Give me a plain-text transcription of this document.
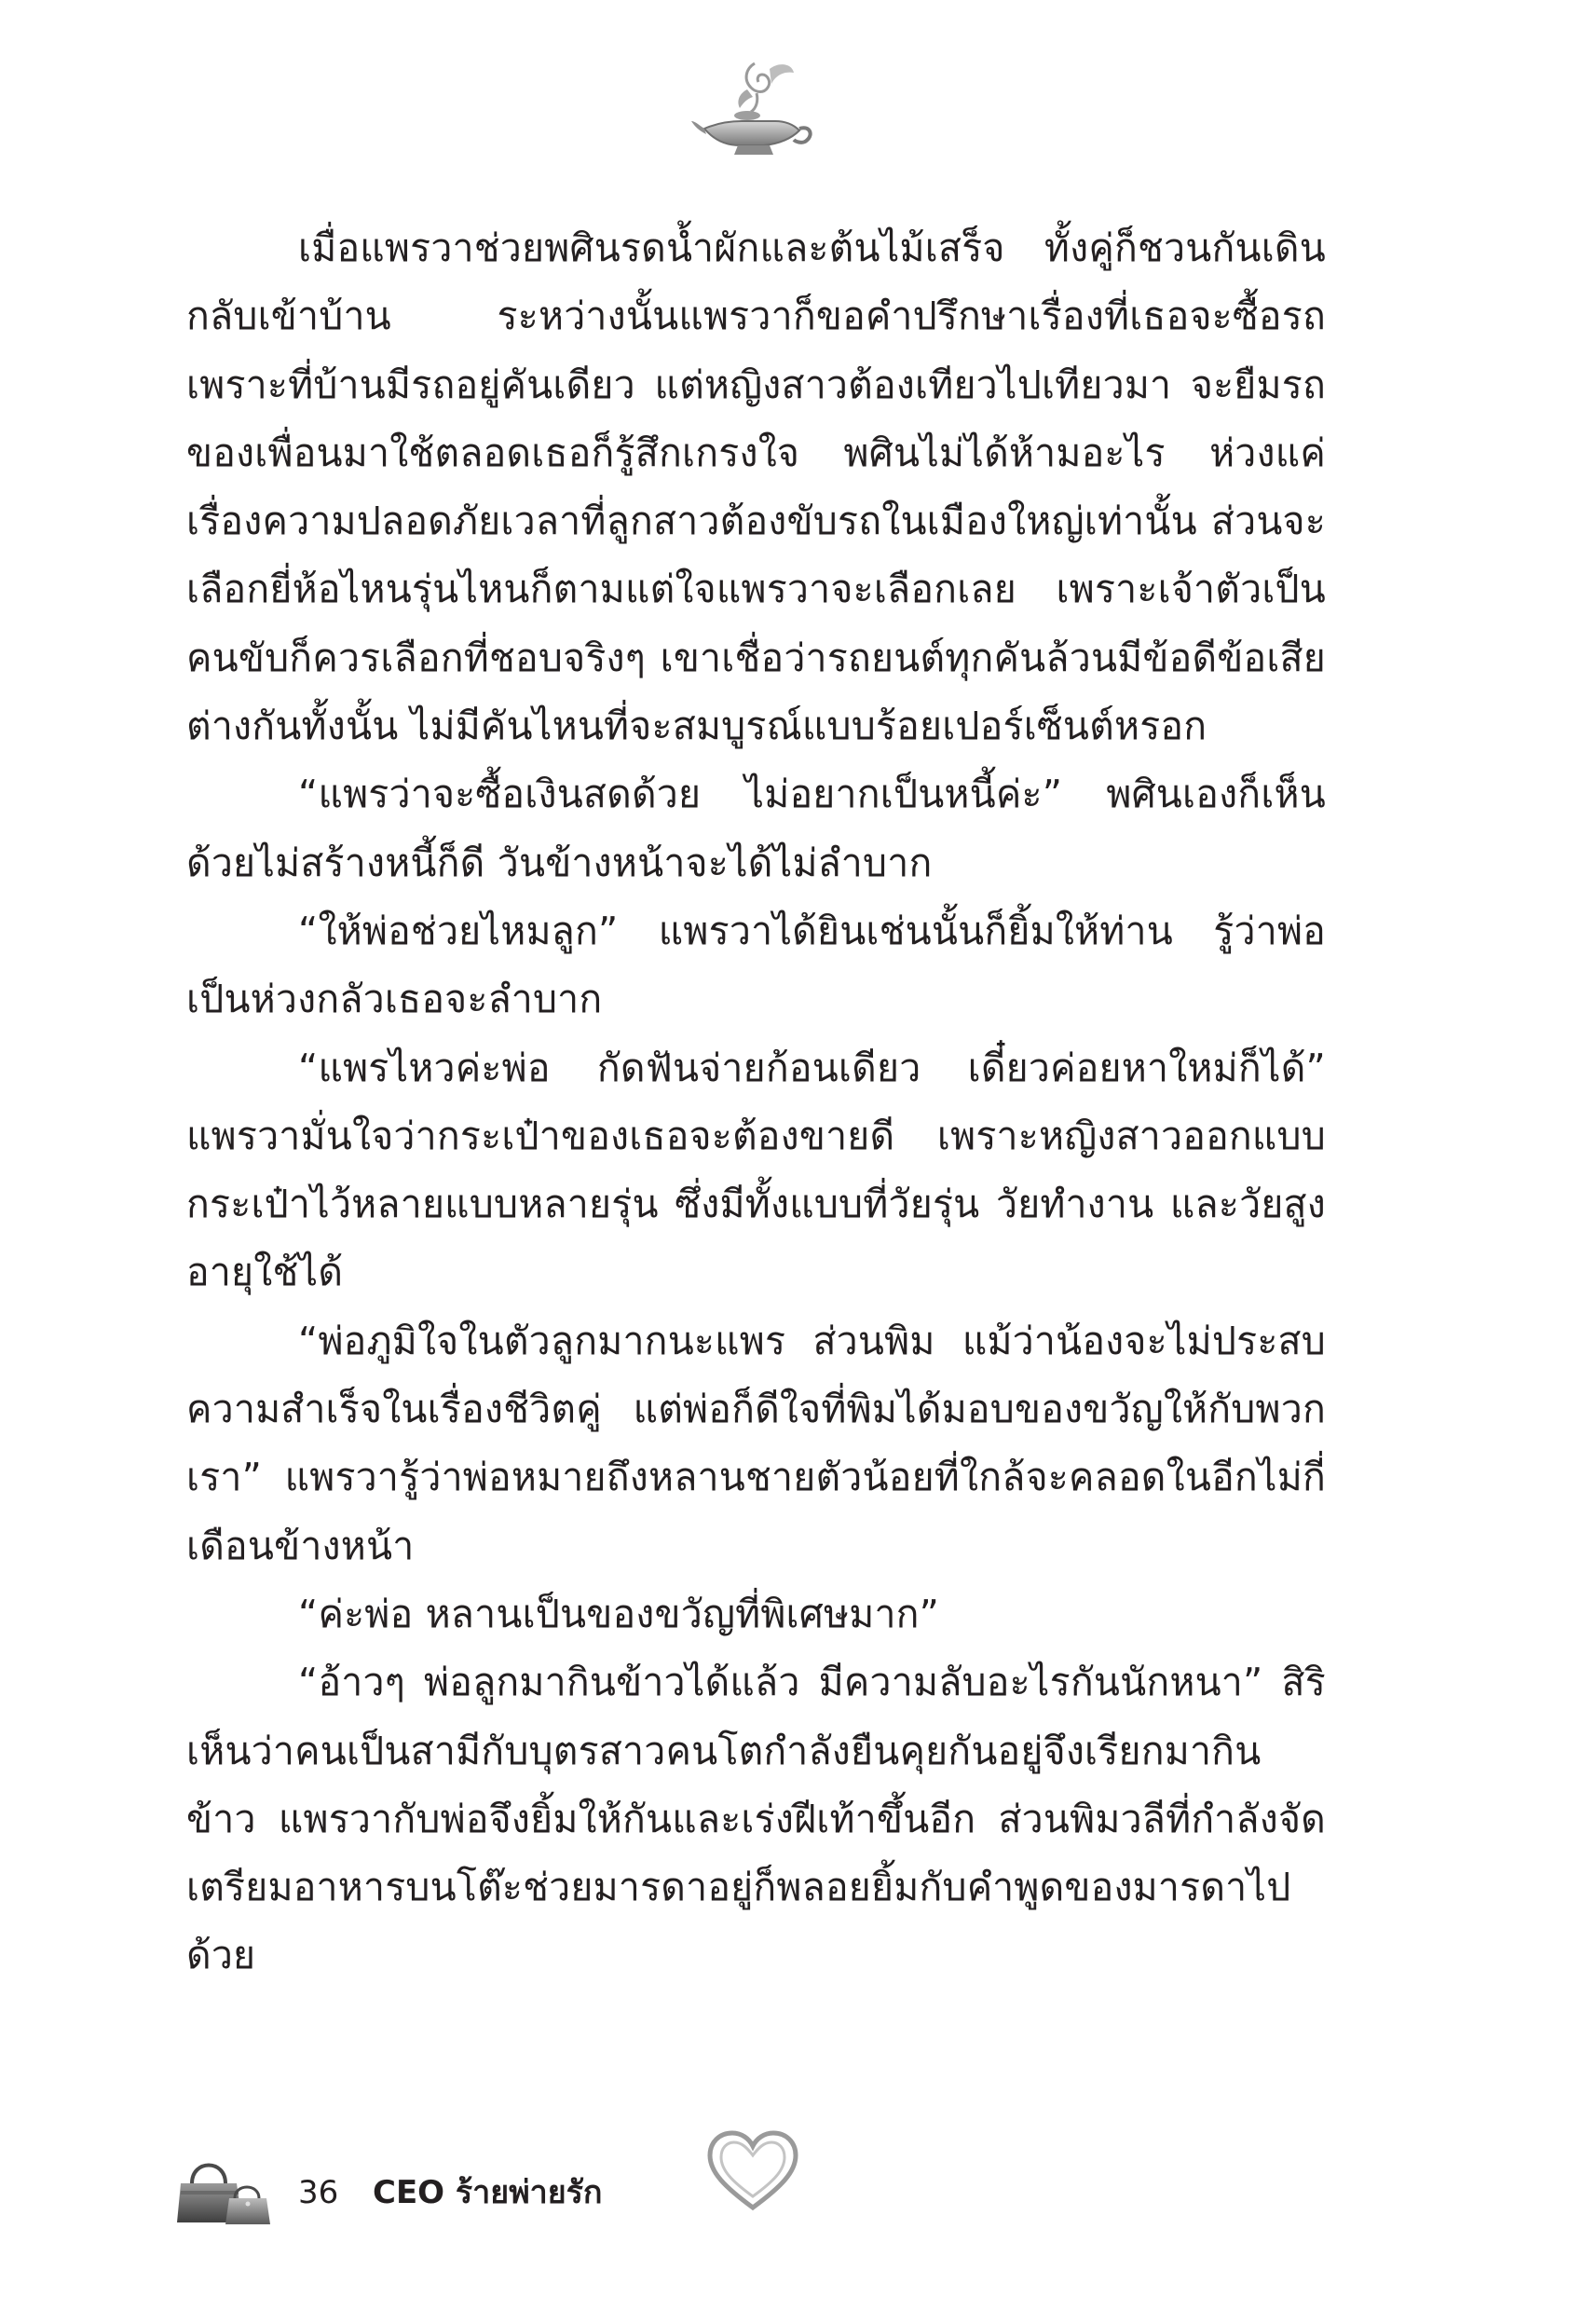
เมื่อแพรวาช่วยพศินรดน้ำผักและต้นไม้เสร็จ ทั้งคู่ก็ชวนกันเดินกลับเข้าบ้าน ระหว่างนั้นแพรวาก็ขอคำปรึกษาเรื่องที่เธอจะซื้อรถเพราะที่บ้านมีรถอยู่คันเดียว แต่หญิงสาวต้องเทียวไปเทียวมา จะยืมรถของเพื่อนมาใช้ตลอดเธอก็รู้สึกเกรงใจ พศินไม่ได้ห้ามอะไร ห่วงแค่เรื่องความปลอดภัยเวลาที่ลูกสาวต้องขับรถในเมืองใหญ่เท่านั้น ส่วนจะเลือกยี่ห้อไหนรุ่นไหนก็ตามแต่ใจแพรวาจะเลือกเลย เพราะเจ้าตัวเป็นคนขับก็ควรเลือกที่ชอบจริงๆ เขาเชื่อว่ารถยนต์ทุกคันล้วนมีข้อดีข้อเสียต่างกันทั้งนั้น ไม่มีคันไหนที่จะสมบูรณ์แบบร้อยเปอร์เซ็นต์หรอก

“แพรว่าจะซื้อเงินสดด้วย ไม่อยากเป็นหนี้ค่ะ” พศินเองก็เห็นด้วยไม่สร้างหนี้ก็ดี วันข้างหน้าจะได้ไม่ลำบาก

“ให้พ่อช่วยไหมลูก” แพรวาได้ยินเช่นนั้นก็ยิ้มให้ท่าน รู้ว่าพ่อเป็นห่วงกลัวเธอจะลำบาก

“แพรไหวค่ะพ่อ กัดฟันจ่ายก้อนเดียว เดี๋ยวค่อยหาใหม่ก็ได้” แพรวามั่นใจว่ากระเป๋าของเธอจะต้องขายดี เพราะหญิงสาวออกแบบกระเป๋าไว้หลายแบบหลายรุ่น ซึ่งมีทั้งแบบที่วัยรุ่น วัยทำงาน และวัยสูงอายุใช้ได้

“พ่อภูมิใจในตัวลูกมากนะแพร ส่วนพิม แม้ว่าน้องจะไม่ประสบความสำเร็จในเรื่องชีวิตคู่ แต่พ่อก็ดีใจที่พิมได้มอบของขวัญให้กับพวกเรา” แพรวารู้ว่าพ่อหมายถึงหลานชายตัวน้อยที่ใกล้จะคลอดในอีกไม่กี่เดือนข้างหน้า

“ค่ะพ่อ หลานเป็นของขวัญที่พิเศษมาก”

“อ้าวๆ พ่อลูกมากินข้าวได้แล้ว มีความลับอะไรกันนักหนา” สิริเห็นว่าคนเป็นสามีกับบุตรสาวคนโตกำลังยืนคุยกันอยู่จึงเรียกมากินข้าว แพรวากับพ่อจึงยิ้มให้กันและเร่งฝีเท้าขึ้นอีก ส่วนพิมวลีที่กำลังจัดเตรียมอาหารบนโต๊ะช่วยมารดาอยู่ก็พลอยยิ้มกับคำพูดของมารดาไปด้วย

36 CEO ร้ายพ่ายรัก
